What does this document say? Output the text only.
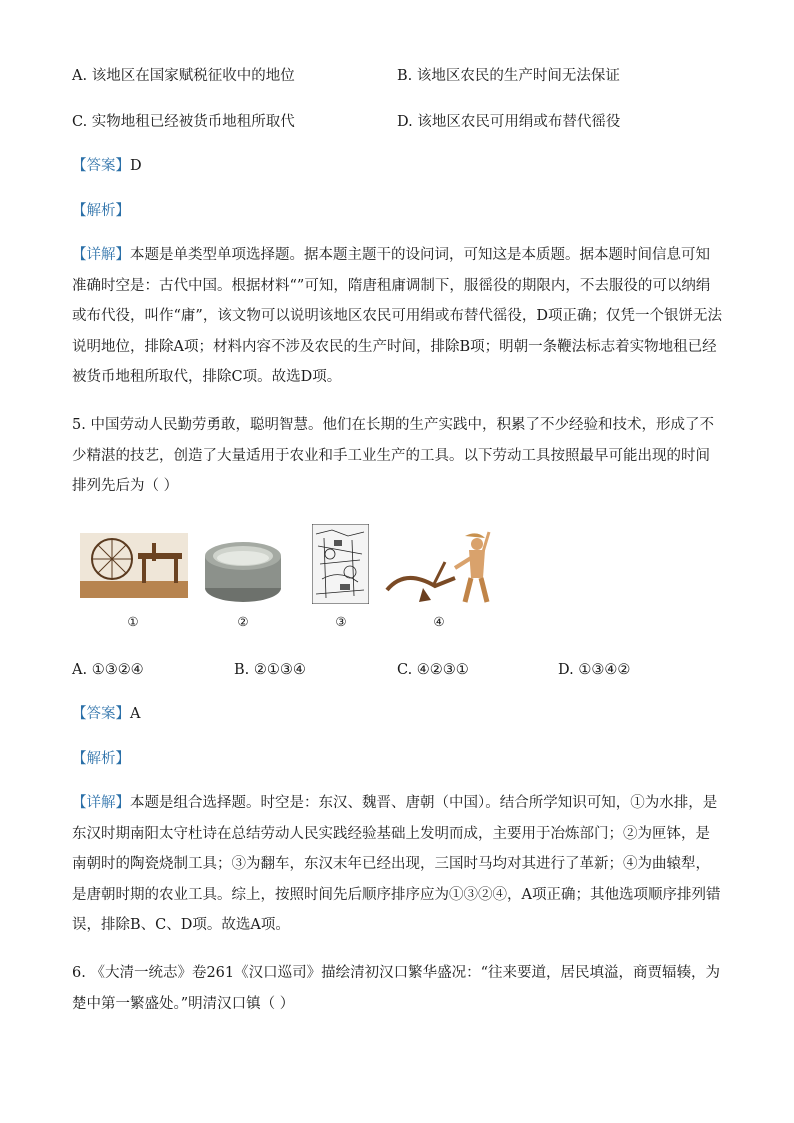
A. 该地区在国家赋税征收中的地位	B. 该地区农民的生产时间无法保证
C. 实物地租已经被货币地租所取代	D. 该地区农民可用绢或布替代徭役
【答案】D
【解析】
【详解】本题是单类型单项选择题。据本题主题干的设问词，可知这是本质题。据本题时间信息可知准确时空是：古代中国。根据材料“”可知，隋唐租庸调制下，服徭役的期限内，不去服役的可以纳绢或布代役，叫作“庸”，该文物可以说明该地区农民可用绢或布替代徭役，D项正确；仅凭一个银饼无法说明地位，排除A项；材料内容不涉及农民的生产时间，排除B项；明朝一条鞭法标志着实物地租已经被货币地租所取代，排除C项。故选D项。
5. 中国劳动人民勤劳勇敢，聪明智慧。他们在长期的生产实践中，积累了不少经验和技术，形成了不少精湛的技艺，创造了大量适用于农业和手工业生产的工具。以下劳动工具按照最早可能出现的时间排列先后为（ ）
①	②	③	④
A. ①③②④	B. ②①③④	C. ④②③①	D. ①③④②
【答案】A
【解析】
【详解】本题是组合选择题。时空是：东汉、魏晋、唐朝（中国）。结合所学知识可知，①为水排，是东汉时期南阳太守杜诗在总结劳动人民实践经验基础上发明而成，主要用于冶炼部门；②为匣钵，是南朝时的陶瓷烧制工具；③为翻车，东汉末年已经出现，三国时马均对其进行了革新；④为曲辕犁，是唐朝时期的农业工具。综上，按照时间先后顺序排序应为①③②④，A项正确；其他选项顺序排列错误，排除B、C、D项。故选A项。
6. 《大清一统志》卷261《汉口巡司》描绘清初汉口繁华盛况：“往来要道，居民填溢，商贾辐辏，为楚中第一繁盛处。”明清汉口镇（ ）
